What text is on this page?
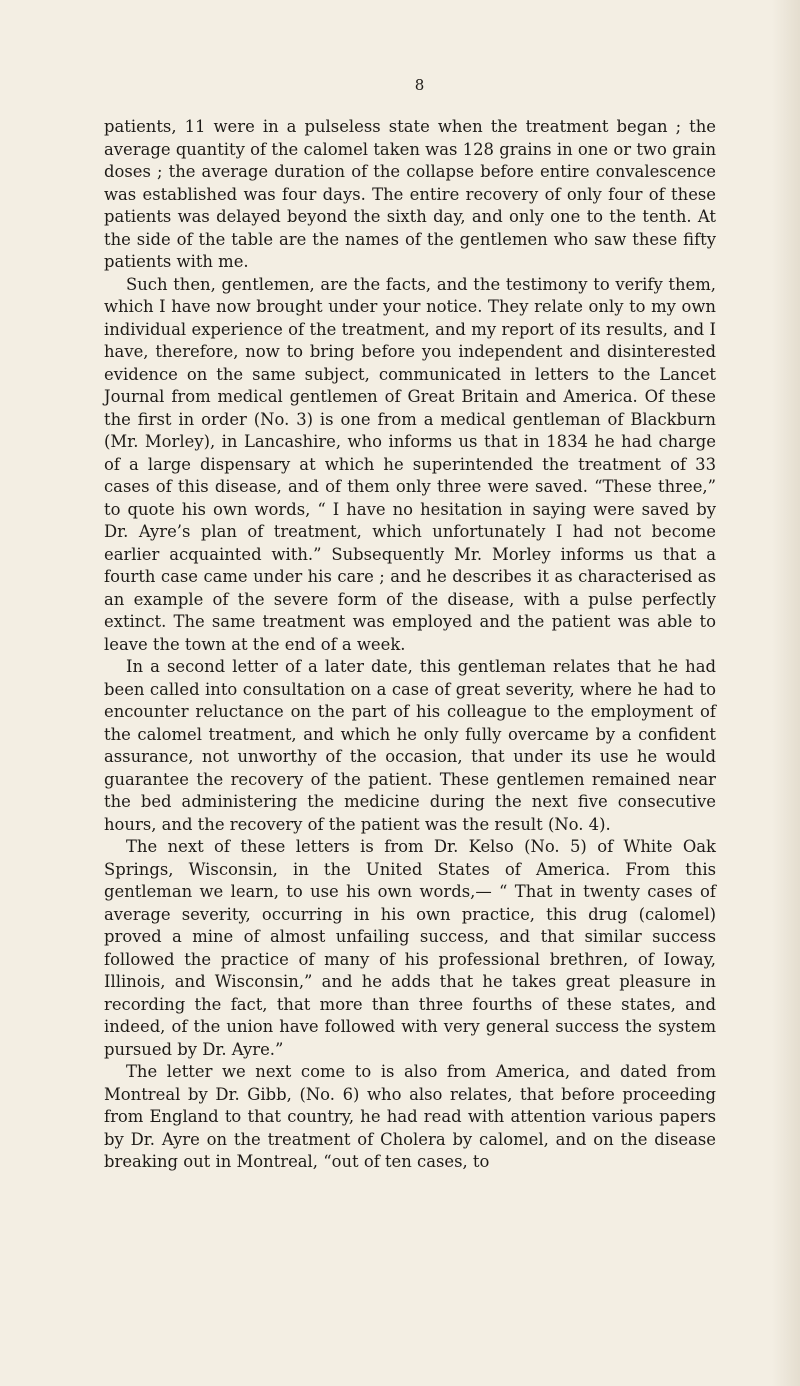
8

patients, 11 were in a pulseless state when the treatment began ; the average quantity of the calomel taken was 128 grains in one or two grain doses ; the average duration of the collapse before entire convalescence was established was four days. The entire recovery of only four of these patients was delayed beyond the sixth day, and only one to the tenth. At the side of the table are the names of the gentlemen who saw these fifty patients with me.

Such then, gentlemen, are the facts, and the testimony to verify them, which I have now brought under your notice. They relate only to my own individual experience of the treatment, and my report of its results, and I have, therefore, now to bring before you independent and disinterested evidence on the same subject, communicated in letters to the Lancet Journal from medical gentlemen of Great Britain and America. Of these the first in order (No. 3) is one from a medical gentleman of Blackburn (Mr. Morley), in Lancashire, who informs us that in 1834 he had charge of a large dispensary at which he superintended the treatment of 33 cases of this disease, and of them only three were saved. “These three,” to quote his own words, “ I have no hesitation in saying were saved by Dr. Ayre’s plan of treatment, which unfortunately I had not become earlier acquainted with.” Subsequently Mr. Morley informs us that a fourth case came under his care ; and he describes it as characterised as an example of the severe form of the disease, with a pulse perfectly extinct. The same treatment was employed and the patient was able to leave the town at the end of a week.

In a second letter of a later date, this gentleman relates that he had been called into consultation on a case of great severity, where he had to encounter reluctance on the part of his colleague to the employment of the calomel treatment, and which he only fully overcame by a confident assurance, not unworthy of the occasion, that under its use he would guarantee the recovery of the patient. These gentlemen remained near the bed administering the medicine during the next five consecutive hours, and the recovery of the patient was the result (No. 4).

The next of these letters is from Dr. Kelso (No. 5) of White Oak Springs, Wisconsin, in the United States of America. From this gentleman we learn, to use his own words,— “ That in twenty cases of average severity, occurring in his own practice, this drug (calomel) proved a mine of almost unfailing success, and that similar success followed the practice of many of his professional brethren, of Ioway, Illinois, and Wisconsin,” and he adds that he takes great pleasure in recording the fact, that more than three fourths of these states, and indeed, of the union have followed with very general success the system pursued by Dr. Ayre.”

The letter we next come to is also from America, and dated from Montreal by Dr. Gibb, (No. 6) who also relates, that before proceeding from England to that country, he had read with attention various papers by Dr. Ayre on the treatment of Cholera by calomel, and on the disease breaking out in Montreal, “out of ten cases, to
